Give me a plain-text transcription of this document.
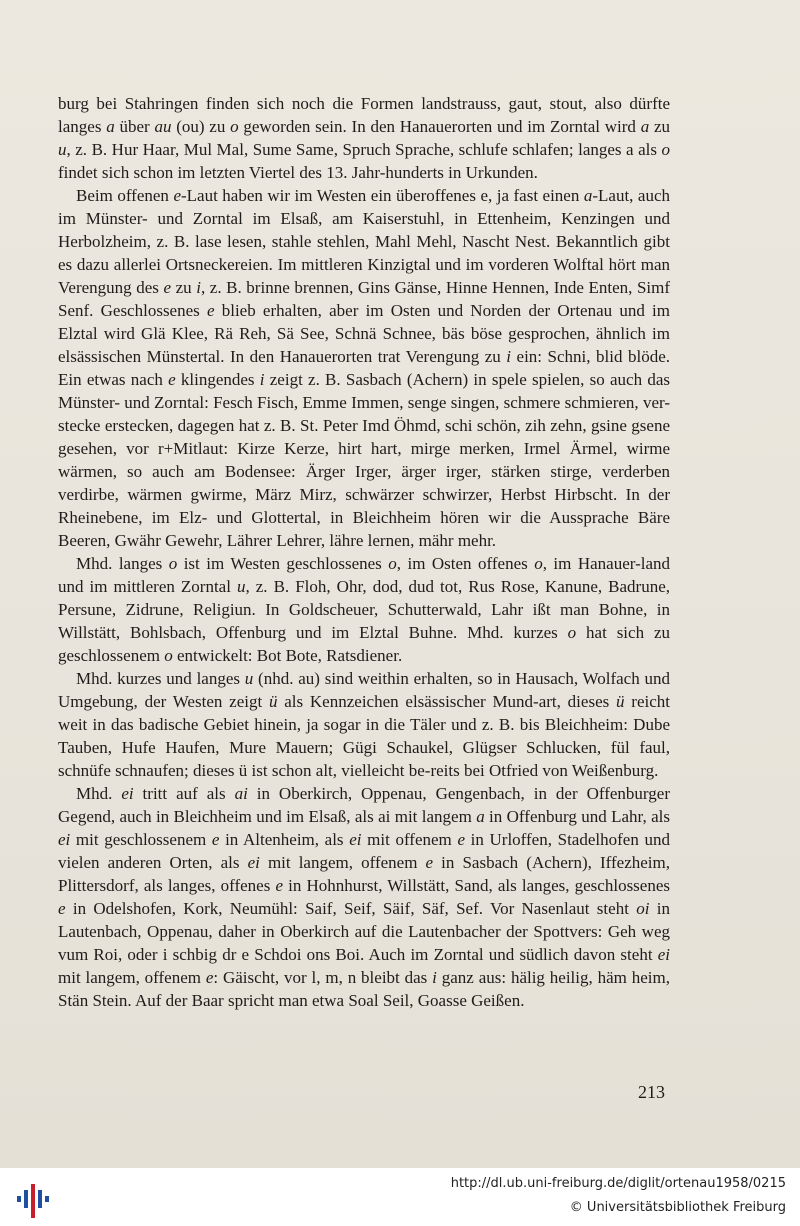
burg bei Stahringen finden sich noch die Formen landstrauss, gaut, stout, also dürfte langes a über au (ou) zu o geworden sein. In den Hanauerorten und im Zorntal wird a zu u, z. B. Hur Haar, Mul Mal, Sume Same, Spruch Sprache, schlufe schlafen; langes a als o findet sich schon im letzten Viertel des 13. Jahr-hunderts in Urkunden.

Beim offenen e-Laut haben wir im Westen ein überoffenes e, ja fast einen a-Laut, auch im Münster- und Zorntal im Elsaß, am Kaiserstuhl, in Ettenheim, Kenzingen und Herbolzheim, z. B. lase lesen, stahle stehlen, Mahl Mehl, Nascht Nest. Bekanntlich gibt es dazu allerlei Ortsneckereien. Im mittleren Kinzigtal und im vorderen Wolftal hört man Verengung des e zu i, z. B. brinne brennen, Gins Gänse, Hinne Hennen, Inde Enten, Simf Senf. Geschlossenes e blieb erhalten, aber im Osten und Norden der Ortenau und im Elztal wird Glä Klee, Rä Reh, Sä See, Schnä Schnee, bäs böse gesprochen, ähnlich im elsässischen Münstertal. In den Hanauerorten trat Verengung zu i ein: Schni, blid blöde. Ein etwas nach e klingendes i zeigt z. B. Sasbach (Achern) in spele spielen, so auch das Münster- und Zorntal: Fesch Fisch, Emme Immen, senge singen, schmere schmieren, ver-stecke erstecken, dagegen hat z. B. St. Peter Imd Öhmd, schi schön, zih zehn, gsine gsene gesehen, vor r+Mitlaut: Kirze Kerze, hirt hart, mirge merken, Irmel Ärmel, wirme wärmen, so auch am Bodensee: Ärger Irger, ärger irger, stärken stirge, verderben verdirbe, wärmen gwirme, März Mirz, schwärzer schwirzer, Herbst Hirbscht. In der Rheinebene, im Elz- und Glottertal, in Bleichheim hören wir die Aussprache Bäre Beeren, Gwähr Gewehr, Lährer Lehrer, lähre lernen, mähr mehr.

Mhd. langes o ist im Westen geschlossenes o, im Osten offenes o, im Hanauer-land und im mittleren Zorntal u, z. B. Floh, Ohr, dod, dud tot, Rus Rose, Kanune, Badrune, Persune, Zidrune, Religiun. In Goldscheuer, Schutterwald, Lahr ißt man Bohne, in Willstätt, Bohlsbach, Offenburg und im Elztal Buhne. Mhd. kurzes o hat sich zu geschlossenem o entwickelt: Bot Bote, Ratsdiener.

Mhd. kurzes und langes u (nhd. au) sind weithin erhalten, so in Hausach, Wolfach und Umgebung, der Westen zeigt ü als Kennzeichen elsässischer Mund-art, dieses ü reicht weit in das badische Gebiet hinein, ja sogar in die Täler und z. B. bis Bleichheim: Dube Tauben, Hufe Haufen, Mure Mauern; Gügi Schaukel, Glügser Schlucken, fül faul, schnüfe schnaufen; dieses ü ist schon alt, vielleicht be-reits bei Otfried von Weißenburg.

Mhd. ei tritt auf als ai in Oberkirch, Oppenau, Gengenbach, in der Offenburger Gegend, auch in Bleichheim und im Elsaß, als ai mit langem a in Offenburg und Lahr, als ei mit geschlossenem e in Altenheim, als ei mit offenem e in Urloffen, Stadelhofen und vielen anderen Orten, als ei mit langem, offenem e in Sasbach (Achern), Iffezheim, Plittersdorf, als langes, offenes e in Hohnhurst, Willstätt, Sand, als langes, geschlossenes e in Odelshofen, Kork, Neumühl: Saif, Seif, Säif, Säf, Sef. Vor Nasenlaut steht oi in Lautenbach, Oppenau, daher in Oberkirch auf die Lautenbacher der Spottvers: Geh weg vum Roi, oder i schbig dr e Schdoi ons Boi. Auch im Zorntal und südlich davon steht ei mit langem, offenem e: Gäischt, vor l, m, n bleibt das i ganz aus: hälig heilig, häm heim, Stän Stein. Auf der Baar spricht man etwa Soal Seil, Goasse Geißen.

213
http://dl.ub.uni-freiburg.de/diglit/ortenau1958/0215
© Universitätsbibliothek Freiburg
